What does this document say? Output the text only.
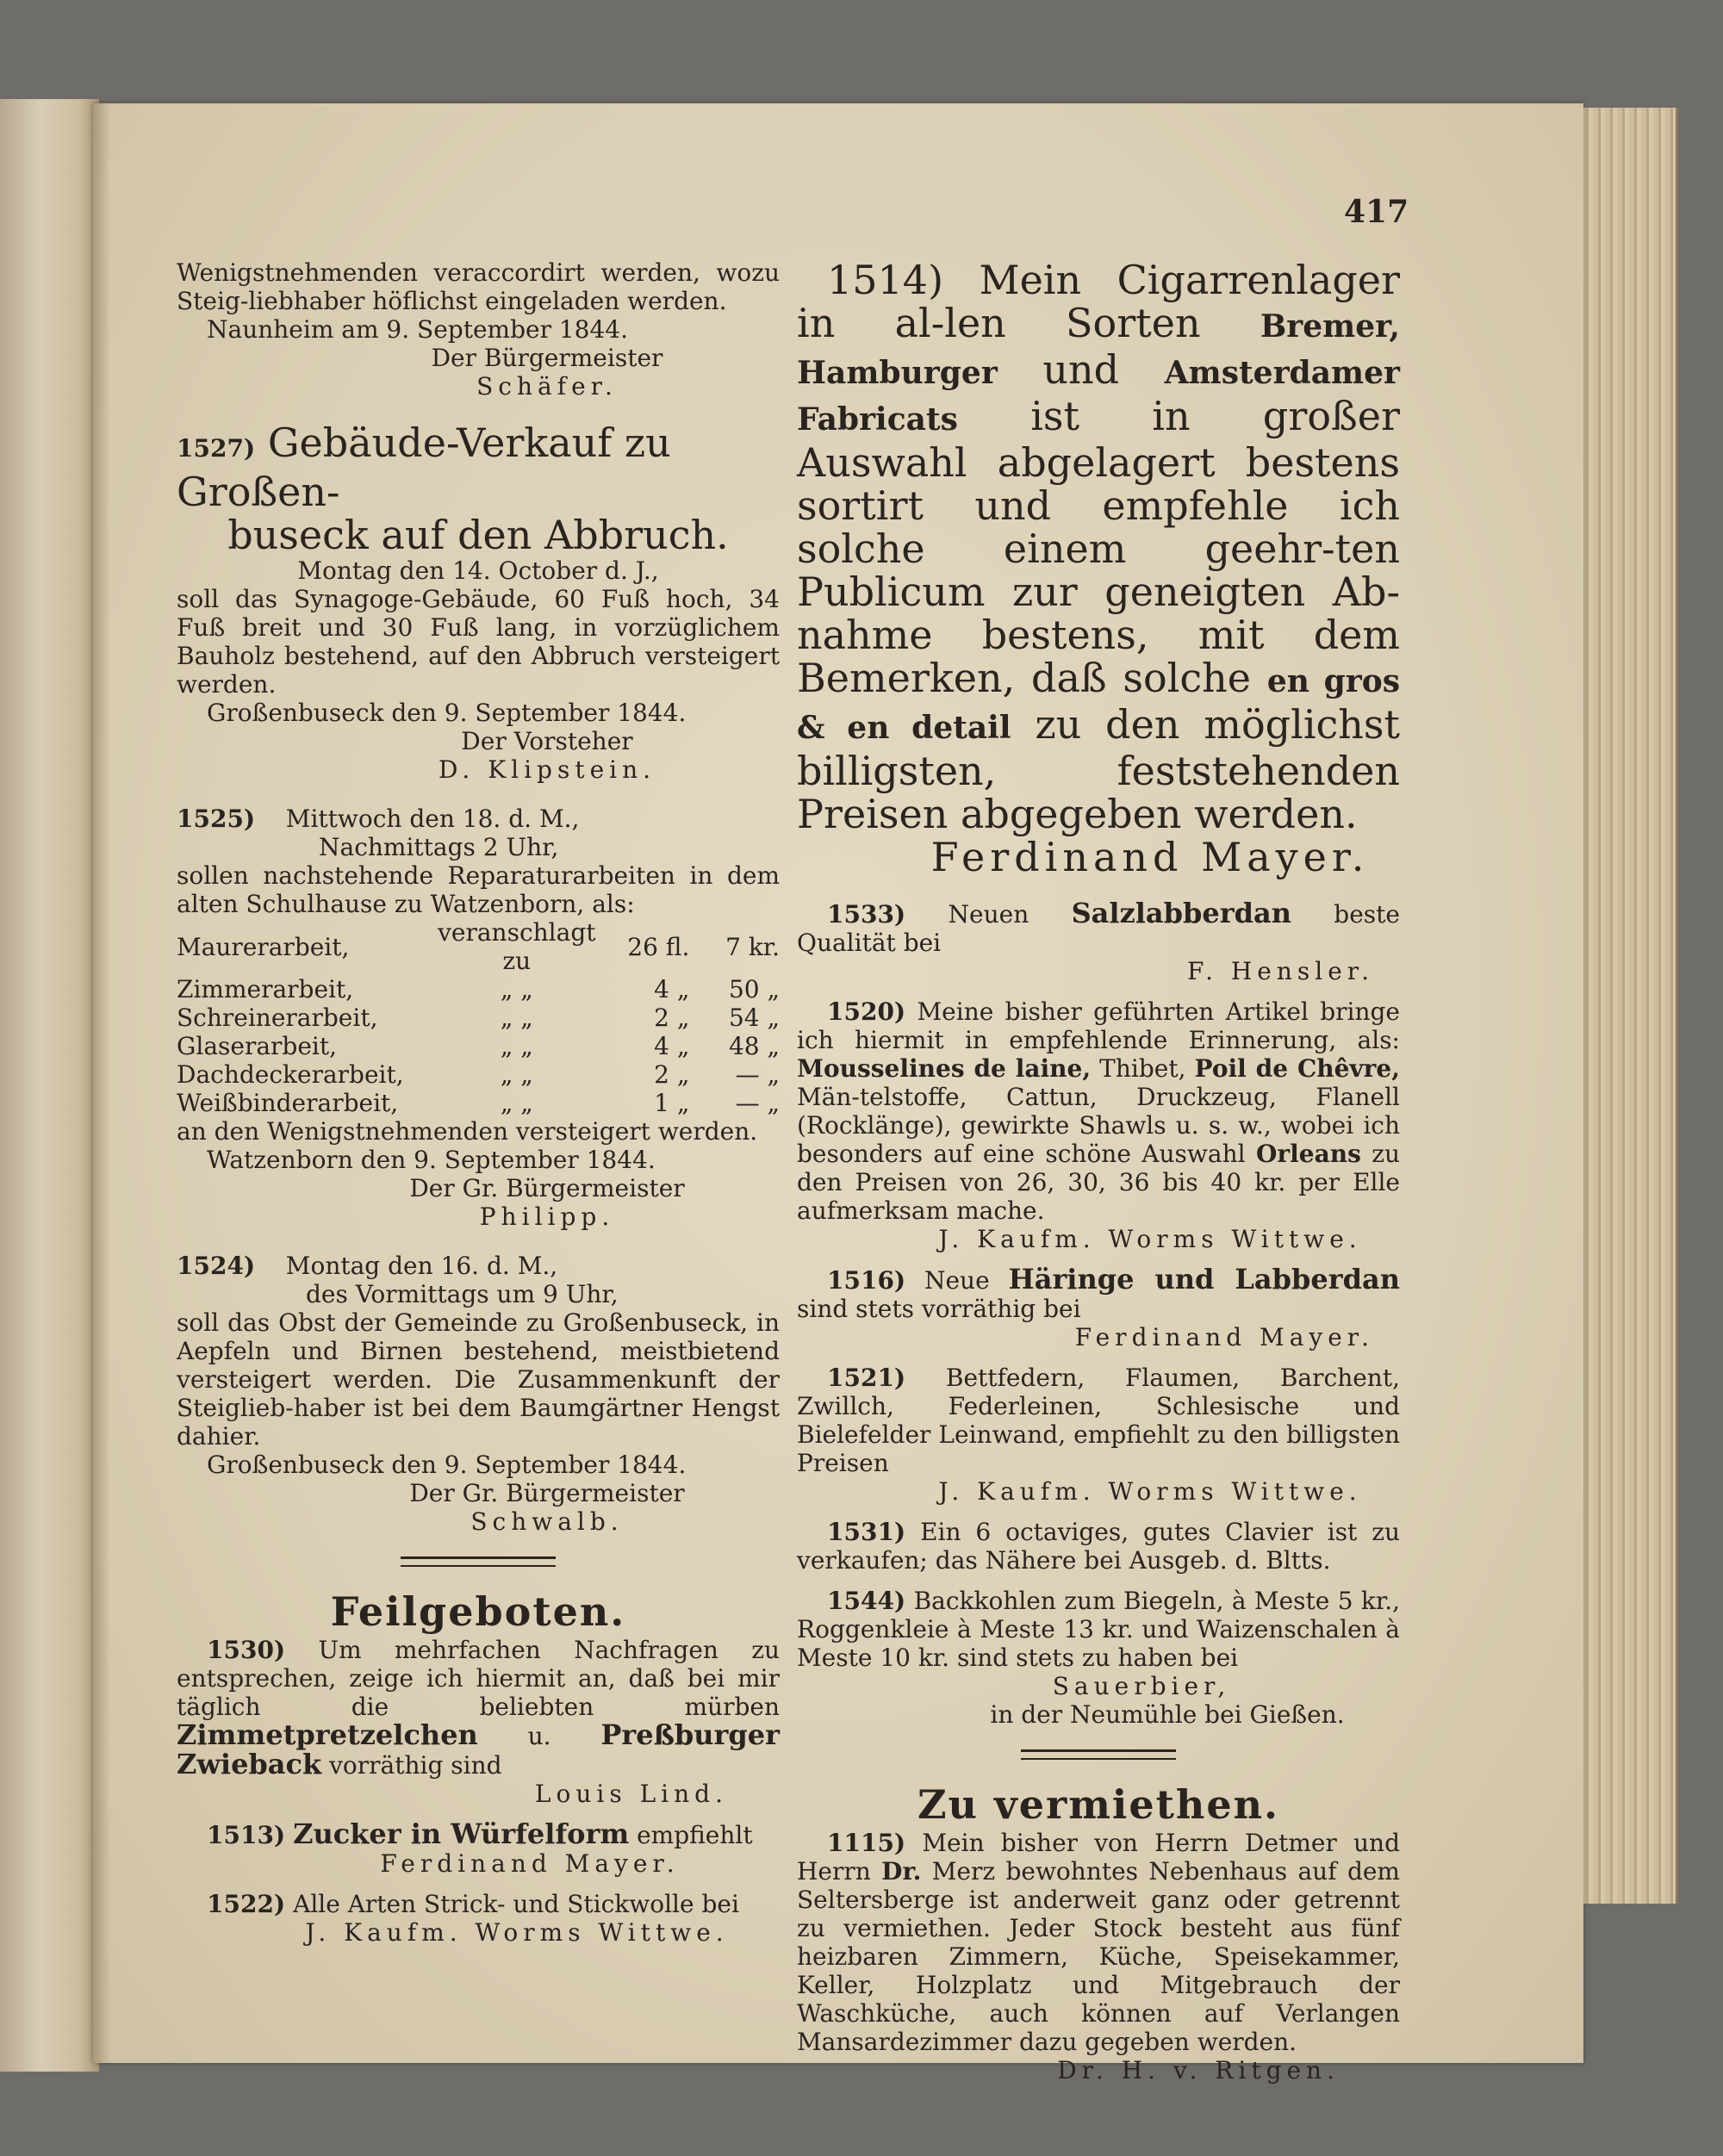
417

Wenigstnehmenden veraccordirt werden, wozu Steig-liebhaber höflichst eingeladen werden.

Naunheim am 9. September 1844.

Der Bürgermeister

Schäfer.

1527) Gebäude-Verkauf zu Großen-

buseck auf den Abbruch.

Montag den 14. October d. J.,

soll das Synagoge-Gebäude, 60 Fuß hoch, 34 Fuß breit und 30 Fuß lang, in vorzüglichem Bauholz bestehend, auf den Abbruch versteigert werden.

Großenbuseck den 9. September 1844.

Der Vorsteher

D. Klipstein.

1525) Mittwoch den 18. d. M.,

Nachmittags 2 Uhr,

sollen nachstehende Reparaturarbeiten in dem alten Schulhause zu Watzenborn, als:

Maurerarbeit,	veranschlagt zu	26 fl.	7 kr.
Zimmerarbeit,	„ „	4 „	50 „
Schreinerarbeit,	„ „	2 „	54 „
Glaserarbeit,	„ „	4 „	48 „
Dachdeckerarbeit,	„ „	2 „	— „
Weißbinderarbeit,	„ „	1 „	— „

an den Wenigstnehmenden versteigert werden.

Watzenborn den 9. September 1844.

Der Gr. Bürgermeister

Philipp.

1524) Montag den 16. d. M.,

des Vormittags um 9 Uhr,

soll das Obst der Gemeinde zu Großenbuseck, in Aepfeln und Birnen bestehend, meistbietend versteigert werden. Die Zusammenkunft der Steiglieb-haber ist bei dem Baumgärtner Hengst dahier.

Großenbuseck den 9. September 1844.

Der Gr. Bürgermeister

Schwalb.

Feilgeboten.

1530) Um mehrfachen Nachfragen zu entsprechen, zeige ich hiermit an, daß bei mir täglich die beliebten mürben Zimmetpretzelchen u. Preßburger Zwieback vorräthig sind

Louis Lind.

1513) Zucker in Würfelform empfiehlt

Ferdinand Mayer.

1522) Alle Arten Strick- und Stickwolle bei

J. Kaufm. Worms Wittwe.

1514) Mein Cigarrenlager in al-len Sorten Bremer, Hamburger und Amsterdamer Fabricats ist in großer Auswahl abgelagert bestens sortirt und empfehle ich solche einem geehr-ten Publicum zur geneigten Ab-nahme bestens, mit dem Bemerken, daß solche en gros & en detail zu den möglichst billigsten, feststehenden Preisen abgegeben werden.

Ferdinand Mayer.

1533) Neuen Salzlabberdan beste Qualität bei

F. Hensler.

1520) Meine bisher geführten Artikel bringe ich hiermit in empfehlende Erinnerung, als: Mousselines de laine, Thibet, Poil de Chêvre, Män-telstoffe, Cattun, Druckzeug, Flanell (Rocklänge), gewirkte Shawls u. s. w., wobei ich besonders auf eine schöne Auswahl Orleans zu den Preisen von 26, 30, 36 bis 40 kr. per Elle aufmerksam mache.

J. Kaufm. Worms Wittwe.

1516) Neue Häringe und Labberdan sind stets vorräthig bei

Ferdinand Mayer.

1521) Bettfedern, Flaumen, Barchent, Zwillch, Federleinen, Schlesische und Bielefelder Leinwand, empfiehlt zu den billigsten Preisen

J. Kaufm. Worms Wittwe.

1531) Ein 6 octaviges, gutes Clavier ist zu verkaufen; das Nähere bei Ausgeb. d. Bltts.

1544) Backkohlen zum Biegeln, à Meste 5 kr., Roggenkleie à Meste 13 kr. und Waizenschalen à Meste 10 kr. sind stets zu haben bei

Sauerbier,

in der Neumühle bei Gießen.

Zu vermiethen.

1115) Mein bisher von Herrn Detmer und Herrn Dr. Merz bewohntes Nebenhaus auf dem Seltersberge ist anderweit ganz oder getrennt zu vermiethen. Jeder Stock besteht aus fünf heizbaren Zimmern, Küche, Speisekammer, Keller, Holzplatz und Mitgebrauch der Waschküche, auch können auf Verlangen Mansardezimmer dazu gegeben werden.

Dr. H. v. Ritgen.
